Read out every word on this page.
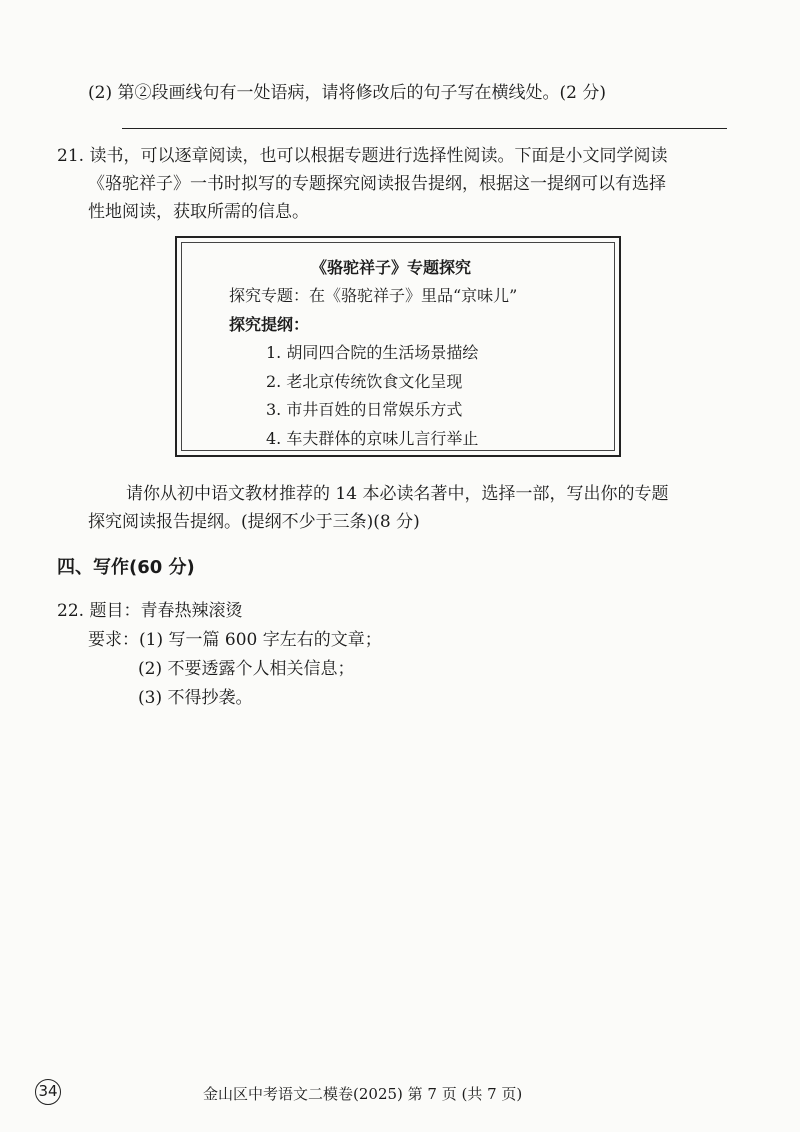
(2) 第②段画线句有一处语病，请将修改后的句子写在横线处。(2 分)
21. 读书，可以逐章阅读，也可以根据专题进行选择性阅读。下面是小文同学阅读
《骆驼祥子》一书时拟写的专题探究阅读报告提纲，根据这一提纲可以有选择
性地阅读，获取所需的信息。
《骆驼祥子》专题探究
探究专题：在《骆驼祥子》里品“京味儿”
探究提纲：
1. 胡同四合院的生活场景描绘
2. 老北京传统饮食文化呈现
3. 市井百姓的日常娱乐方式
4. 车夫群体的京味儿言行举止
请你从初中语文教材推荐的 14 本必读名著中，选择一部，写出你的专题
探究阅读报告提纲。(提纲不少于三条)(8 分)
四、写作(60 分)
22. 题目：青春热辣滚烫
要求：(1) 写一篇 600 字左右的文章；
(2) 不要透露个人相关信息；
(3) 不得抄袭。
34	金山区中考语文二模卷(2025) 第 7 页 (共 7 页)
